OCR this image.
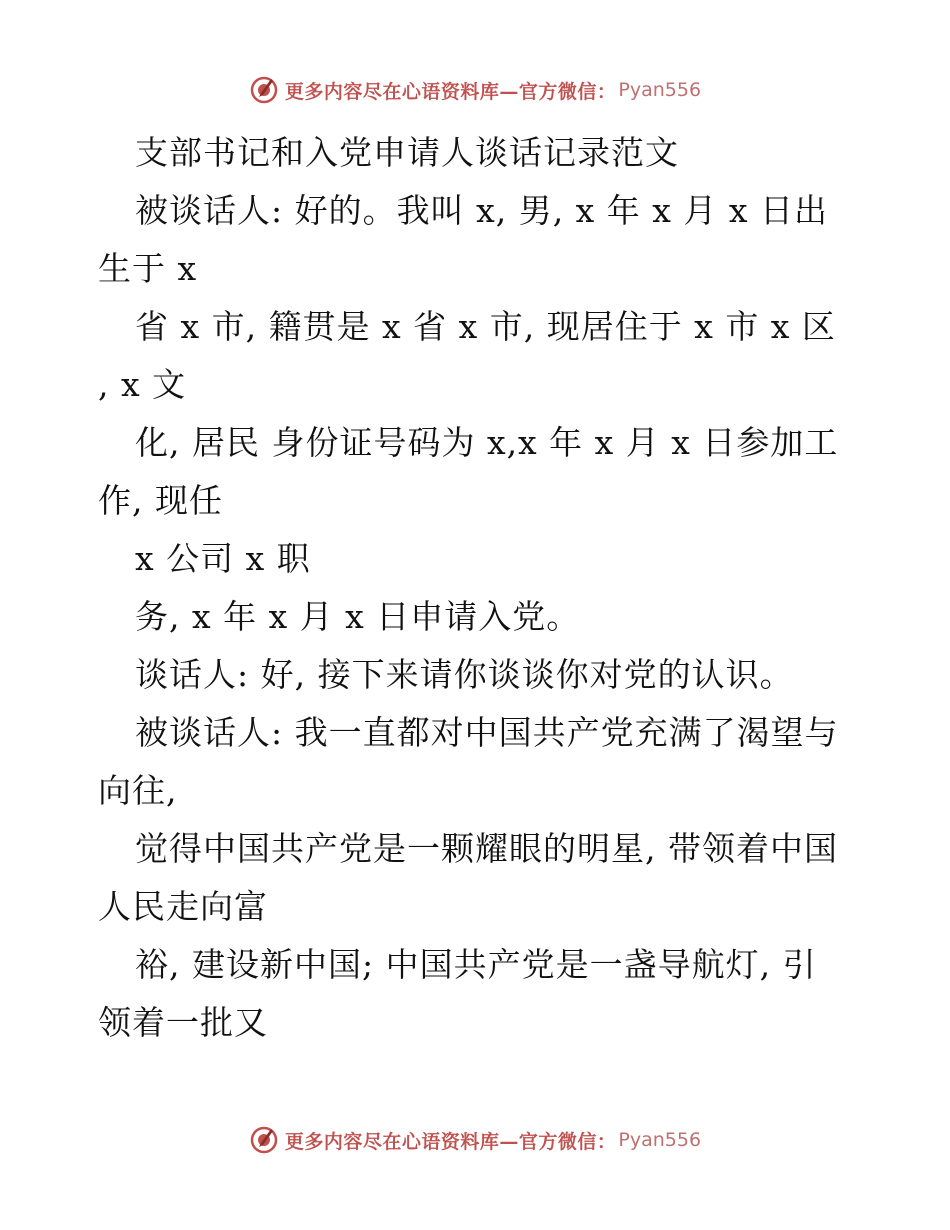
更多内容尽在心语资料库—官方微信： Pyan556

支部书记和入党申请人谈话记录范文

被谈话人: 好的。我叫 x, 男, x 年 x 月 x 日出生于 x

省 x 市, 籍贯是 x 省 x 市, 现居住于 x 市 x 区 , x 文

化, 居民 身份证号码为 x,x 年 x 月 x 日参加工作, 现任

x 公司 x 职

务, x 年 x 月 x 日申请入党。

谈话人: 好, 接下来请你谈谈你对党的认识。

被谈话人: 我一直都对中国共产党充满了渴望与向往,

觉得中国共产党是一颗耀眼的明星, 带领着中国人民走向富

裕, 建设新中国; 中国共产党是一盏导航灯, 引领着一批又

更多内容尽在心语资料库—官方微信： Pyan556
